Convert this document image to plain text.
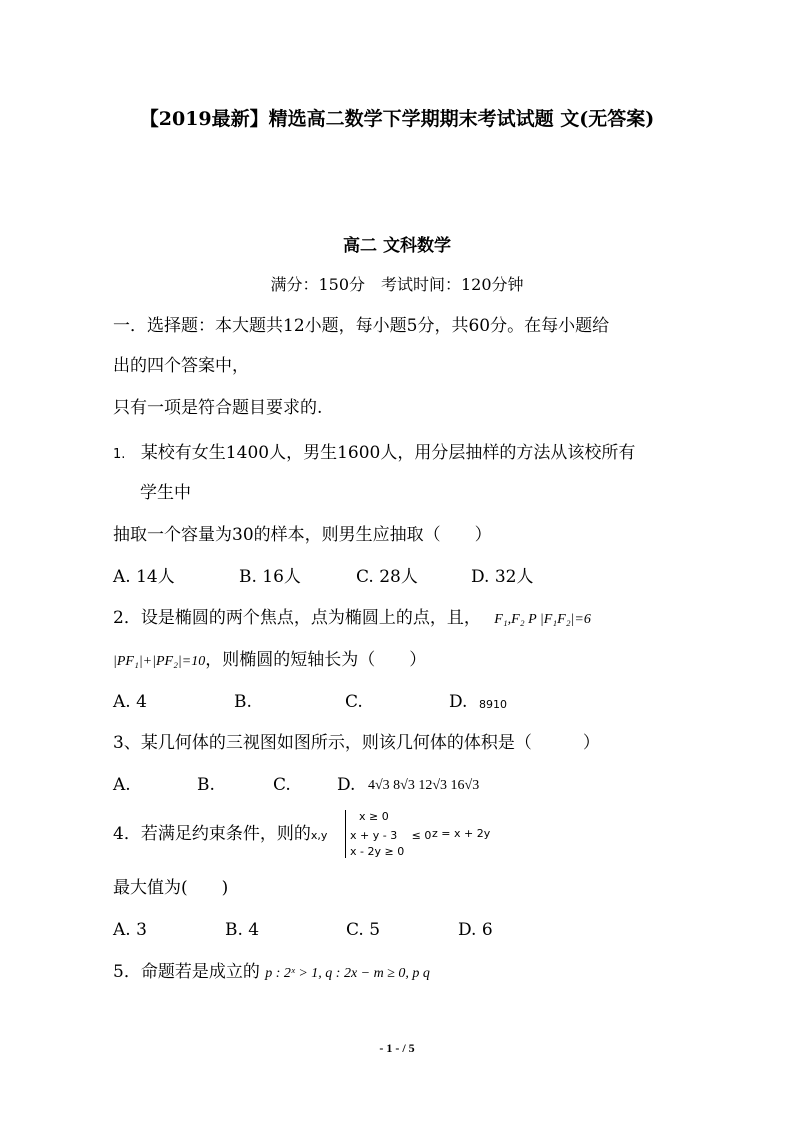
【2019最新】精选高二数学下学期期末考试试题 文(无答案)
高二 文科数学
满分：150分　考试时间：120分钟
一．选择题：本大题共12小题，每小题5分，共60分。在每小题给
出的四个答案中，
只有一项是符合题目要求的.
1. 某校有女生1400人，男生1600人，用分层抽样的方法从该校所有
学生中
抽取一个容量为30的样本，则男生应抽取（　　）
A. 14人	B. 16人	C. 28人	D. 32人
2．设是椭圆的两个焦点，点为椭圆上的点，且， F₁,F₂ P |F₁F₂|=6
|PF₁|+|PF₂|=10，则椭圆的短轴长为（　　）
A. 4	B.	C.	D. 8910
3、某几何体的三视图如图所示，则该几何体的体积是（　　　）
A.	B.	C.	D. 4√3 8√3 12√3 16√3
4．若满足约束条件，则的x,y
x ≥ 0
x + y - 3 　≤ 0 z = x + 2y
x - 2y ≥ 0
最大值为(　　)
A. 3	B. 4	C. 5	D. 6
5．命题若是成立的 p : 2ˣ > 1, q : 2x − m ≥ 0, p q
- 1 - / 5
